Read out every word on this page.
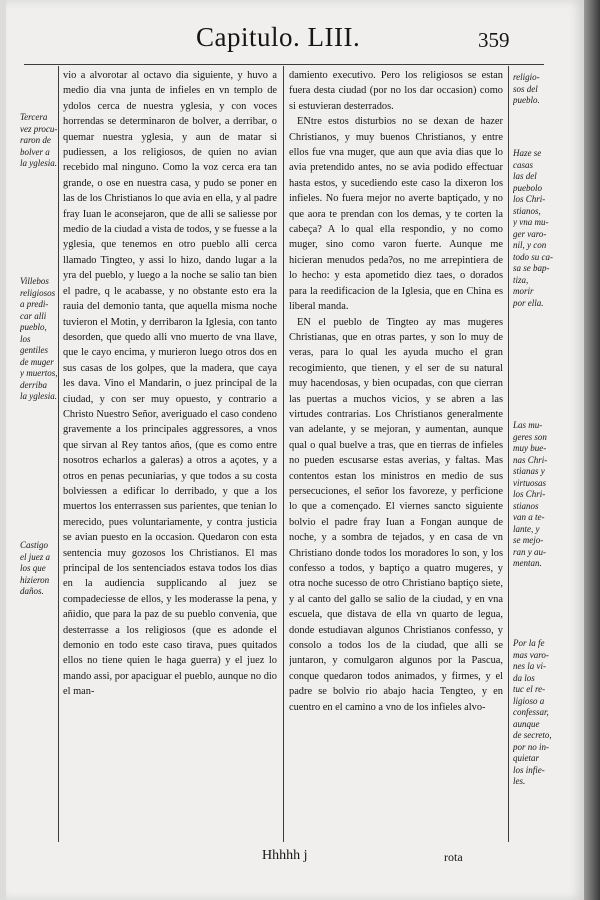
Capitulo. LIII.	359
Tercera
vez procu-
raron de
bolver a
la yglesia.
Villebos
religiosos
a predi-
car alli
pueblo,
los gentiles
de muger
y muertos,
derriba
la yglesia.
Castigo
el juez a
los que
hizieron
daños.
religio-
sos del
pueblo.
Haze se
casas
las del
puebolo
los Chri-
stianos,
y vna mu-
ger varo-
nil, y con
todo su ca-
sa se bap-
tiza,
morir
por ella.
Las mu-
geres son
muy bue-
nas Chri-
stianas y
virtuosas
los Chri-
stianos
van a te-
lante, y
se mejo-
ran y au-
mentan.
Por la fe
mas varo-
nes la vi-
da los
tuc el re-
ligioso a
confessar,
aunque
de secreto,
por no in-
quietar
los infie-
les.

vio a alvorotar al octavo dia siguiente, y huvo a medio dia vna junta de infieles en vn templo de ydolos cerca de nuestra yglesia, y con voces horrendas se determinaron de bolver, a derribar, o quemar nuestra yglesia, y aun de matar si pudiessen, a los religiosos, de quien no avian recebido mal ninguno. Como la voz cerca era tan grande, o ose en nuestra casa, y pudo se poner en las de los Christianos lo que avia en ella, y al padre fray Iuan le aconsejaron, que de alli se saliesse por medio de la ciudad a vista de todos, y se fuesse a la yglesia, que tenemos en otro pueblo alli cerca llamado Tingteo, y assi lo hizo, dando lugar a la yra del pueblo, y luego a la noche se salio tan bien el padre, q le acabasse, y no obstante esto era la rauia del demonio tanta, que aquella misma noche tuvieron el Motin, y derribaron la Iglesia, con tanto desorden, que quedo alli vno muerto de vna llave, que le cayo encima, y murieron luego otros dos en sus casas de los golpes, que la madera, que caya les dava. Vino el Mandarin, o juez principal de la ciudad, y con ser muy opuesto, y contrario a Christo Nuestro Señor, averiguado el caso condeno gravemente a los principales aggressores, a vnos que sirvan al Rey tantos años, (que es como entre nosotros echarlos a galeras) a otros a açotes, y a otros en penas pecuniarias, y que todos a su costa bolviessen a edificar lo derribado, y que a los muertos los enterrassen sus parientes, que tenian lo merecido, pues voluntariamente, y contra justicia se avian puesto en la occasion. Quedaron con esta sentencia muy gozosos los Christianos. El mas principal de los sentenciados estava todos los dias en la audiencia supplicando al juez se compadeciesse de ellos, y les moderasse la pena, y añidio, que para la paz de su pueblo convenia, que desterrasse a los religiosos (que es adonde el demonio en todo este caso tirava, pues quitados ellos no tiene quien le haga guerra) y el juez lo mando assi, por apaciguar el pueblo, aunque no dio el man-

damiento executivo. Pero los religiosos se estan fuera desta ciudad (por no los dar occasion) como si estuvieran desterrados.

ENtre estos disturbios no se dexan de hazer Christianos, y muy buenos Christianos, y entre ellos fue vna muger, que aun que avia dias que lo avia pretendido antes, no se avia podido effectuar hasta estos, y sucediendo este caso la dixeron los infieles. No fuera mejor no averte baptiçado, y no que aora te prendan con los demas, y te corten la cabeça? A lo qual ella respondio, y no como muger, sino como varon fuerte. Aunque me hicieran menudos peda?os, no me arrepintiera de lo hecho: y esta apometido diez taes, o dorados para la reedificacion de la Iglesia, que en China es liberal manda.

EN el pueblo de Tingteo ay mas mugeres Christianas, que en otras partes, y son lo muy de veras, para lo qual les ayuda mucho el gran recogimiento, que tienen, y el ser de su natural muy hacendosas, y bien ocupadas, con que cierran las puertas a muchos vicios, y se abren a las virtudes contrarias. Los Christianos generalmente van adelante, y se mejoran, y aumentan, aunque qual o qual buelve a tras, que en tierras de infieles no pueden escusarse estas averias, y faltas. Mas contentos estan los ministros en medio de sus persecuciones, el señor los favoreze, y perficione lo que a començado. El viernes sancto siguiente bolvio el padre fray Iuan a Fongan aunque de noche, y a sombra de tejados, y en casa de vn Christiano donde todos los moradores lo son, y los confesso a todos, y baptiço a quatro mugeres, y otra noche sucesso de otro Christiano baptiço siete, y al canto del gallo se salio de la ciudad, y en vna escuela, que distava de ella vn quarto de legua, donde estudiavan algunos Christianos confesso, y consolo a todos los de la ciudad, que alli se juntaron, y comulgaron algunos por la Pascua, conque quedaron todos animados, y firmes, y el padre se bolvio rio abajo hacia Tengteo, y en cuentro en el camino a vno de los infieles alvo-

Hhhhh j	rota
